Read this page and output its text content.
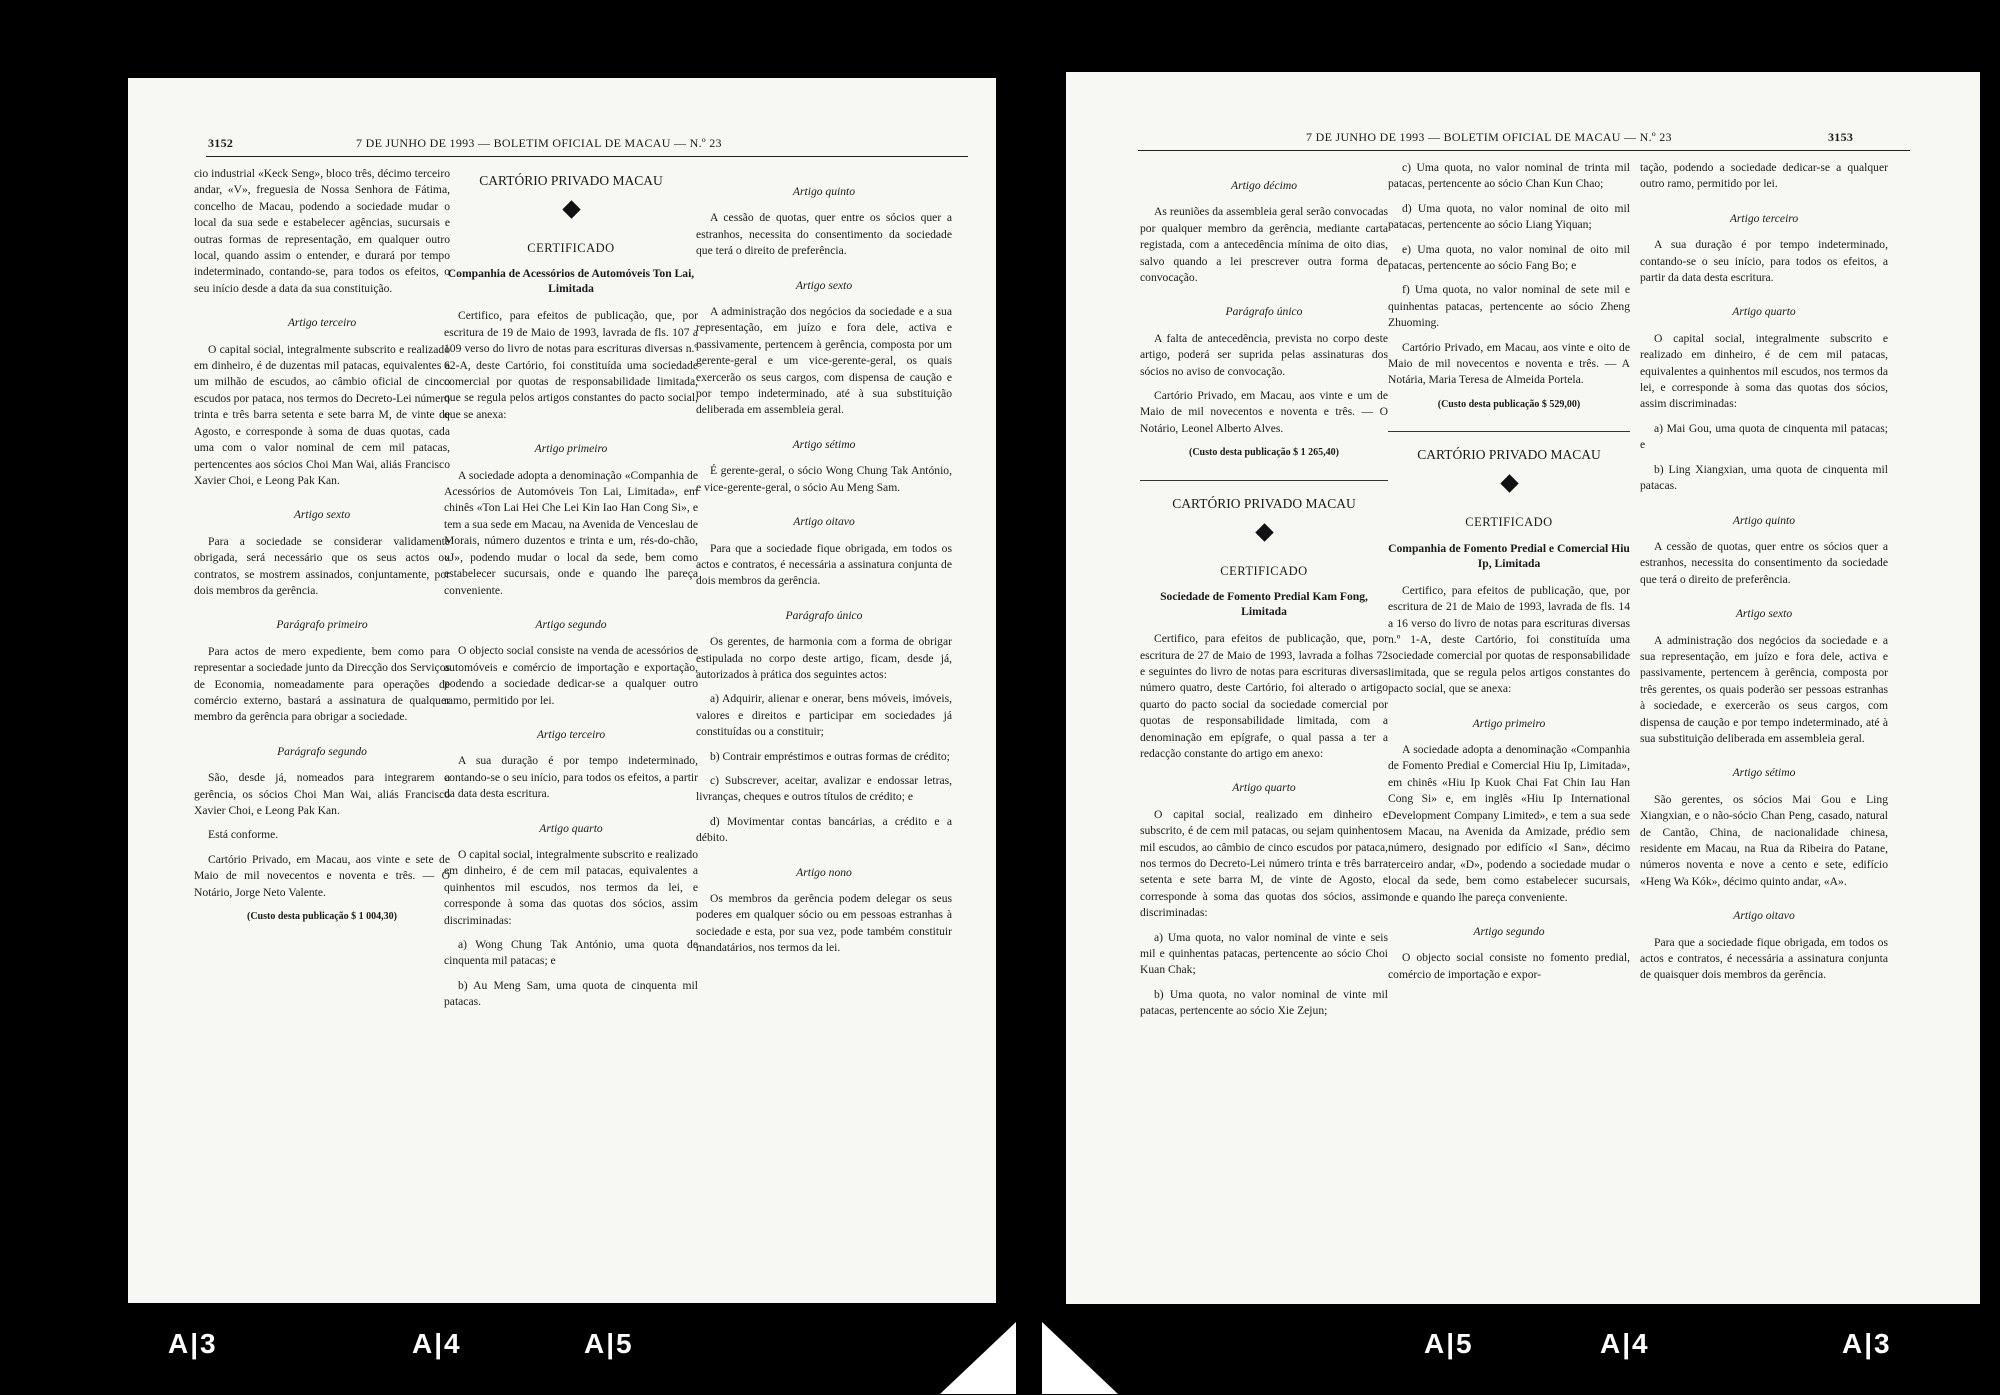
3152	7 DE JUNHO DE 1993 — BOLETIM OFICIAL DE MACAU — N.º 23

cio industrial «Keck Seng», bloco três, décimo terceiro andar, «V», freguesia de Nossa Senhora de Fátima, concelho de Macau, podendo a sociedade mudar o local da sua sede e estabelecer agências, sucursais e outras formas de representação, em qualquer outro local, quando assim o entender, e durará por tempo indeterminado, contando-se, para todos os efeitos, o seu início desde a data da sua constituição.

Artigo terceiro

O capital social, integralmente subscrito e realizado em dinheiro, é de duzentas mil patacas, equivalentes a um milhão de escudos, ao câmbio oficial de cinco escudos por pataca, nos termos do Decreto-Lei número trinta e três barra setenta e sete barra M, de vinte de Agosto, e corresponde à soma de duas quotas, cada uma com o valor nominal de cem mil patacas, pertencentes aos sócios Choi Man Wai, aliás Francisco Xavier Choi, e Leong Pak Kan.

Artigo sexto

Para a sociedade se considerar validamente obrigada, será necessário que os seus actos ou contratos, se mostrem assinados, conjuntamente, por dois membros da gerência.

Parágrafo primeiro

Para actos de mero expediente, bem como para representar a sociedade junto da Direcção dos Serviços de Economia, nomeadamente para operações de comércio externo, bastará a assinatura de qualquer membro da gerência para obrigar a sociedade.

Parágrafo segundo

São, desde já, nomeados para integrarem a gerência, os sócios Choi Man Wai, aliás Francisco Xavier Choi, e Leong Pak Kan.

Está conforme.

Cartório Privado, em Macau, aos vinte e sete de Maio de mil novecentos e noventa e três. — O Notário, Jorge Neto Valente.

(Custo desta publicação $ 1 004,30)
CARTÓRIO PRIVADO MACAU
CERTIFICADO
Companhia de Acessórios de Automóveis Ton Lai, Limitada

Certifico, para efeitos de publicação, que, por escritura de 19 de Maio de 1993, lavrada de fls. 107 a 109 verso do livro de notas para escrituras diversas n.º 62-A, deste Cartório, foi constituída uma sociedade comercial por quotas de responsabilidade limitada, que se regula pelos artigos constantes do pacto social, que se anexa:

Artigo primeiro

A sociedade adopta a denominação «Companhia de Acessórios de Automóveis Ton Lai, Limitada», em chinês «Ton Lai Hei Che Lei Kin Iao Han Cong Si», e tem a sua sede em Macau, na Avenida de Venceslau de Morais, número duzentos e trinta e um, rés-do-chão, «J», podendo mudar o local da sede, bem como estabelecer sucursais, onde e quando lhe pareça conveniente.

Artigo segundo

O objecto social consiste na venda de acessórios de automóveis e comércio de importação e exportação, podendo a sociedade dedicar-se a qualquer outro ramo, permitido por lei.

Artigo terceiro

A sua duração é por tempo indeterminado, contando-se o seu início, para todos os efeitos, a partir da data desta escritura.

Artigo quarto

O capital social, integralmente subscrito e realizado em dinheiro, é de cem mil patacas, equivalentes a quinhentos mil escudos, nos termos da lei, e corresponde à soma das quotas dos sócios, assim discriminadas:

a) Wong Chung Tak António, uma quota de cinquenta mil patacas; e

b) Au Meng Sam, uma quota de cinquenta mil patacas.

Artigo quinto

A cessão de quotas, quer entre os sócios quer a estranhos, necessita do consentimento da sociedade que terá o direito de preferência.

Artigo sexto

A administração dos negócios da sociedade e a sua representação, em juízo e fora dele, activa e passivamente, pertencem à gerência, composta por um gerente-geral e um vice-gerente-geral, os quais exercerão os seus cargos, com dispensa de caução e por tempo indeterminado, até à sua substituição deliberada em assembleia geral.

Artigo sétimo

É gerente-geral, o sócio Wong Chung Tak António, e vice-gerente-geral, o sócio Au Meng Sam.

Artigo oitavo

Para que a sociedade fique obrigada, em todos os actos e contratos, é necessária a assinatura conjunta de dois membros da gerência.

Parágrafo único

Os gerentes, de harmonia com a forma de obrigar estipulada no corpo deste artigo, ficam, desde já, autorizados à prática dos seguintes actos:

a) Adquirir, alienar e onerar, bens móveis, imóveis, valores e direitos e participar em sociedades já constituídas ou a constituir;

b) Contrair empréstimos e outras formas de crédito;

c) Subscrever, aceitar, avalizar e endossar letras, livranças, cheques e outros títulos de crédito; e

d) Movimentar contas bancárias, a crédito e a débito.

Artigo nono

Os membros da gerência podem delegar os seus poderes em qualquer sócio ou em pessoas estranhas à sociedade e esta, por sua vez, pode também constituir mandatários, nos termos da lei.

7 DE JUNHO DE 1993 — BOLETIM OFICIAL DE MACAU — N.º 23	3153
Artigo décimo

As reuniões da assembleia geral serão convocadas por qualquer membro da gerência, mediante carta registada, com a antecedência mínima de oito dias, salvo quando a lei prescrever outra forma de convocação.

Parágrafo único

A falta de antecedência, prevista no corpo deste artigo, poderá ser suprida pelas assinaturas dos sócios no aviso de convocação.

Cartório Privado, em Macau, aos vinte e um de Maio de mil novecentos e noventa e três. — O Notário, Leonel Alberto Alves.

(Custo desta publicação $ 1 265,40)
CARTÓRIO PRIVADO MACAU
CERTIFICADO
Sociedade de Fomento Predial Kam Fong, Limitada

Certifico, para efeitos de publicação, que, por escritura de 27 de Maio de 1993, lavrada a folhas 72 e seguintes do livro de notas para escrituras diversas número quatro, deste Cartório, foi alterado o artigo quarto do pacto social da sociedade comercial por quotas de responsabilidade limitada, com a denominação em epígrafe, o qual passa a ter a redacção constante do artigo em anexo:

Artigo quarto

O capital social, realizado em dinheiro e subscrito, é de cem mil patacas, ou sejam quinhentos mil escudos, ao câmbio de cinco escudos por pataca, nos termos do Decreto-Lei número trinta e três barra setenta e sete barra M, de vinte de Agosto, e corresponde à soma das quotas dos sócios, assim discriminadas:

a) Uma quota, no valor nominal de vinte e seis mil e quinhentas patacas, pertencente ao sócio Choi Kuan Chak;

b) Uma quota, no valor nominal de vinte mil patacas, pertencente ao sócio Xie Zejun;

c) Uma quota, no valor nominal de trinta mil patacas, pertencente ao sócio Chan Kun Chao;

d) Uma quota, no valor nominal de oito mil patacas, pertencente ao sócio Liang Yiquan;

e) Uma quota, no valor nominal de oito mil patacas, pertencente ao sócio Fang Bo; e

f) Uma quota, no valor nominal de sete mil e quinhentas patacas, pertencente ao sócio Zheng Zhuoming.

Cartório Privado, em Macau, aos vinte e oito de Maio de mil novecentos e noventa e três. — A Notária, Maria Teresa de Almeida Portela.

(Custo desta publicação $ 529,00)
CARTÓRIO PRIVADO MACAU
CERTIFICADO
Companhia de Fomento Predial e Comercial Hiu Ip, Limitada

Certifico, para efeitos de publicação, que, por escritura de 21 de Maio de 1993, lavrada de fls. 14 a 16 verso do livro de notas para escrituras diversas n.º 1-A, deste Cartório, foi constituída uma sociedade comercial por quotas de responsabilidade limitada, que se regula pelos artigos constantes do pacto social, que se anexa:

Artigo primeiro

A sociedade adopta a denominação «Companhia de Fomento Predial e Comercial Hiu Ip, Limitada», em chinês «Hiu Ip Kuok Chai Fat Chin Iau Han Cong Si» e, em inglês «Hiu Ip International Development Company Limited», e tem a sua sede em Macau, na Avenida da Amizade, prédio sem número, designado por edifício «I San», décimo terceiro andar, «D», podendo a sociedade mudar o local da sede, bem como estabelecer sucursais, onde e quando lhe pareça conveniente.

Artigo segundo

O objecto social consiste no fomento predial, comércio de importação e expor-

tação, podendo a sociedade dedicar-se a qualquer outro ramo, permitido por lei.

Artigo terceiro

A sua duração é por tempo indeterminado, contando-se o seu início, para todos os efeitos, a partir da data desta escritura.

Artigo quarto

O capital social, integralmente subscrito e realizado em dinheiro, é de cem mil patacas, equivalentes a quinhentos mil escudos, nos termos da lei, e corresponde à soma das quotas dos sócios, assim discriminadas:

a) Mai Gou, uma quota de cinquenta mil patacas; e

b) Ling Xiangxian, uma quota de cinquenta mil patacas.

Artigo quinto

A cessão de quotas, quer entre os sócios quer a estranhos, necessita do consentimento da sociedade que terá o direito de preferência.

Artigo sexto

A administração dos negócios da sociedade e a sua representação, em juízo e fora dele, activa e passivamente, pertencem à gerência, composta por três gerentes, os quais poderão ser pessoas estranhas à sociedade, e exercerão os seus cargos, com dispensa de caução e por tempo indeterminado, até à sua substituição deliberada em assembleia geral.

Artigo sétimo

São gerentes, os sócios Mai Gou e Ling Xiangxian, e o não-sócio Chan Peng, casado, natural de Cantão, China, de nacionalidade chinesa, residente em Macau, na Rua da Ribeira do Patane, números noventa e nove a cento e sete, edifício «Heng Wa Kók», décimo quinto andar, «A».

Artigo oitavo

Para que a sociedade fique obrigada, em todos os actos e contratos, é necessária a assinatura conjunta de quaisquer dois membros da gerência.

A|3	A|4	A|5	A|5	A|4	A|3
